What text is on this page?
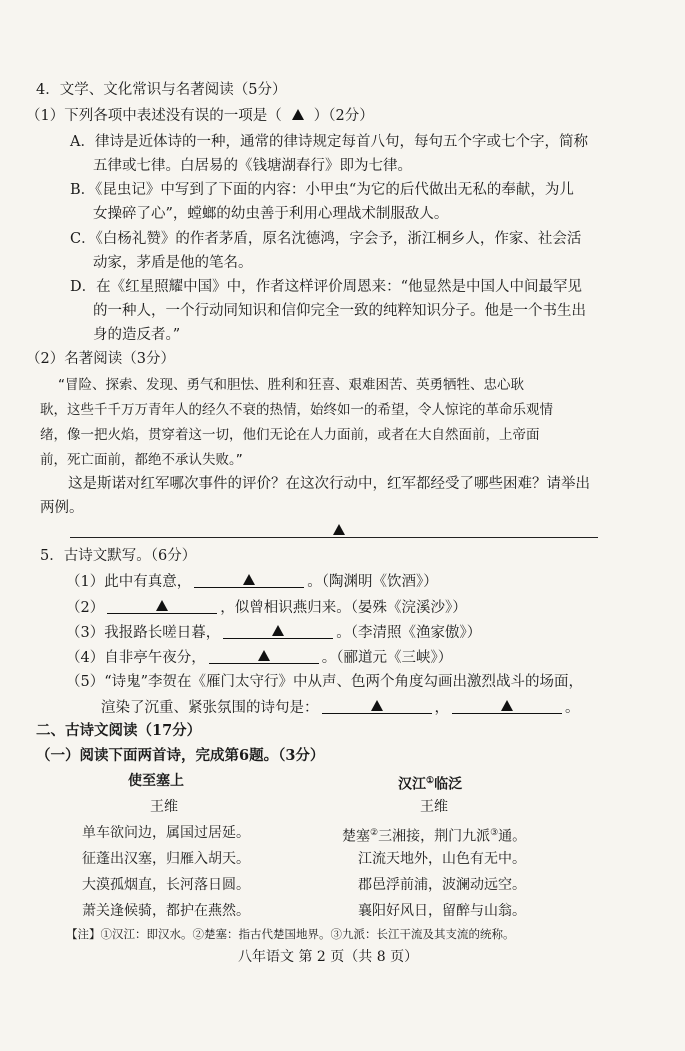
4．文学、文化常识与名著阅读（5分）
（1）下列各项中表述没有误的一项是（ ）（2分）
A．律诗是近体诗的一种，通常的律诗规定每首八句，每句五个字或七个字，简称
五律或七律。白居易的《钱塘湖春行》即为七律。
B．《昆虫记》中写到了下面的内容：小甲虫“为它的后代做出无私的奉献，为儿
女操碎了心”，螳螂的幼虫善于利用心理战术制服敌人。
C．《白杨礼赞》的作者茅盾，原名沈德鸿，字会予，浙江桐乡人，作家、社会活
动家，茅盾是他的笔名。
D．在《红星照耀中国》中，作者这样评价周恩来：“他显然是中国人中间最罕见
的一种人，一个行动同知识和信仰完全一致的纯粹知识分子。他是一个书生出
身的造反者。”
（2）名著阅读（3分）
“冒险、探索、发现、勇气和胆怯、胜利和狂喜、艰难困苦、英勇牺牲、忠心耿
耿，这些千千万万青年人的经久不衰的热情，始终如一的希望，令人惊诧的革命乐观情
绪，像一把火焰，贯穿着这一切，他们无论在人力面前，或者在大自然面前，上帝面
前，死亡面前，都绝不承认失败。”
这是斯诺对红军哪次事件的评价？在这次行动中，红军都经受了哪些困难？请举出
两例。
5．古诗文默写。（6分）
（1）此中有真意，	。（陶渊明《饮酒》）
（2）	，似曾相识燕归来。（晏殊《浣溪沙》）
（3）我报路长嗟日暮，	。（李清照《渔家傲》）
（4）自非亭午夜分，	。（郦道元《三峡》）
（5）“诗鬼”李贺在《雁门太守行》中从声、色两个角度勾画出激烈战斗的场面，
渲染了沉重、紧张氛围的诗句是：	，	。
二、古诗文阅读（17分）
（一）阅读下面两首诗，完成第6题。（3分）
使至塞上
王维
单车欲问边，属国过居延。
征蓬出汉塞，归雁入胡天。
大漠孤烟直，长河落日圆。
萧关逢候骑，都护在燕然。
汉江①临泛
王维
楚塞②三湘接，荆门九派③通。
江流天地外，山色有无中。
郡邑浮前浦，波澜动远空。
襄阳好风日，留醉与山翁。
【注】①汉江：即汉水。②楚塞：指古代楚国地界。③九派：长江干流及其支流的统称。
八年语文 第 2 页（共 8 页）
